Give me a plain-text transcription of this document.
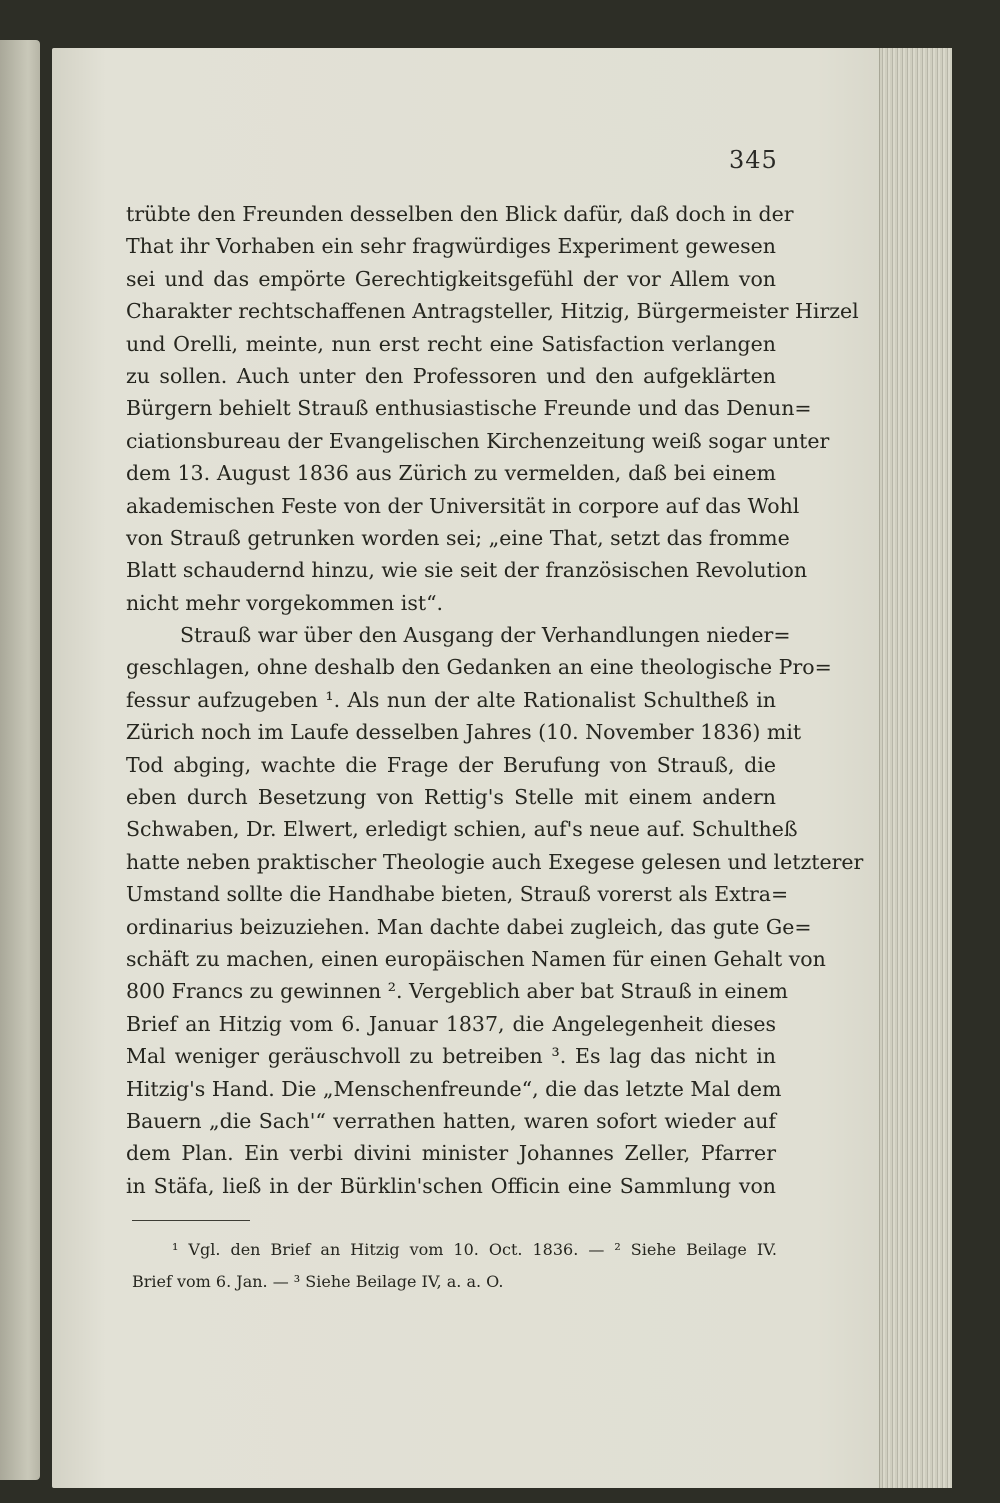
345
trübte den Freunden desselben den Blick dafür, daß doch in der
That ihr Vorhaben ein sehr fragwürdiges Experiment gewesen
sei und das empörte Gerechtigkeitsgefühl der vor Allem von
Charakter rechtschaffenen Antragsteller, Hitzig, Bürgermeister Hirzel
und Orelli, meinte, nun erst recht eine Satisfaction verlangen
zu sollen. Auch unter den Professoren und den aufgeklärten
Bürgern behielt Strauß enthusiastische Freunde und das Denun=
ciationsbureau der Evangelischen Kirchenzeitung weiß sogar unter
dem 13. August 1836 aus Zürich zu vermelden, daß bei einem
akademischen Feste von der Universität in corpore auf das Wohl
von Strauß getrunken worden sei; „eine That, setzt das fromme
Blatt schaudernd hinzu, wie sie seit der französischen Revolution
nicht mehr vorgekommen ist“.
Strauß war über den Ausgang der Verhandlungen nieder=
geschlagen, ohne deshalb den Gedanken an eine theologische Pro=
fessur aufzugeben ¹. Als nun der alte Rationalist Schultheß in
Zürich noch im Laufe desselben Jahres (10. November 1836) mit
Tod abging, wachte die Frage der Berufung von Strauß, die
eben durch Besetzung von Rettig's Stelle mit einem andern
Schwaben, Dr. Elwert, erledigt schien, auf's neue auf. Schultheß
hatte neben praktischer Theologie auch Exegese gelesen und letzterer
Umstand sollte die Handhabe bieten, Strauß vorerst als Extra=
ordinarius beizuziehen. Man dachte dabei zugleich, das gute Ge=
schäft zu machen, einen europäischen Namen für einen Gehalt von
800 Francs zu gewinnen ². Vergeblich aber bat Strauß in einem
Brief an Hitzig vom 6. Januar 1837, die Angelegenheit dieses
Mal weniger geräuschvoll zu betreiben ³. Es lag das nicht in
Hitzig's Hand. Die „Menschenfreunde“, die das letzte Mal dem
Bauern „die Sach'“ verrathen hatten, waren sofort wieder auf
dem Plan. Ein verbi divini minister Johannes Zeller, Pfarrer
in Stäfa, ließ in der Bürklin'schen Officin eine Sammlung von
¹ Vgl. den Brief an Hitzig vom 10. Oct. 1836. — ² Siehe Beilage IV.
Brief vom 6. Jan. — ³ Siehe Beilage IV, a. a. O.
